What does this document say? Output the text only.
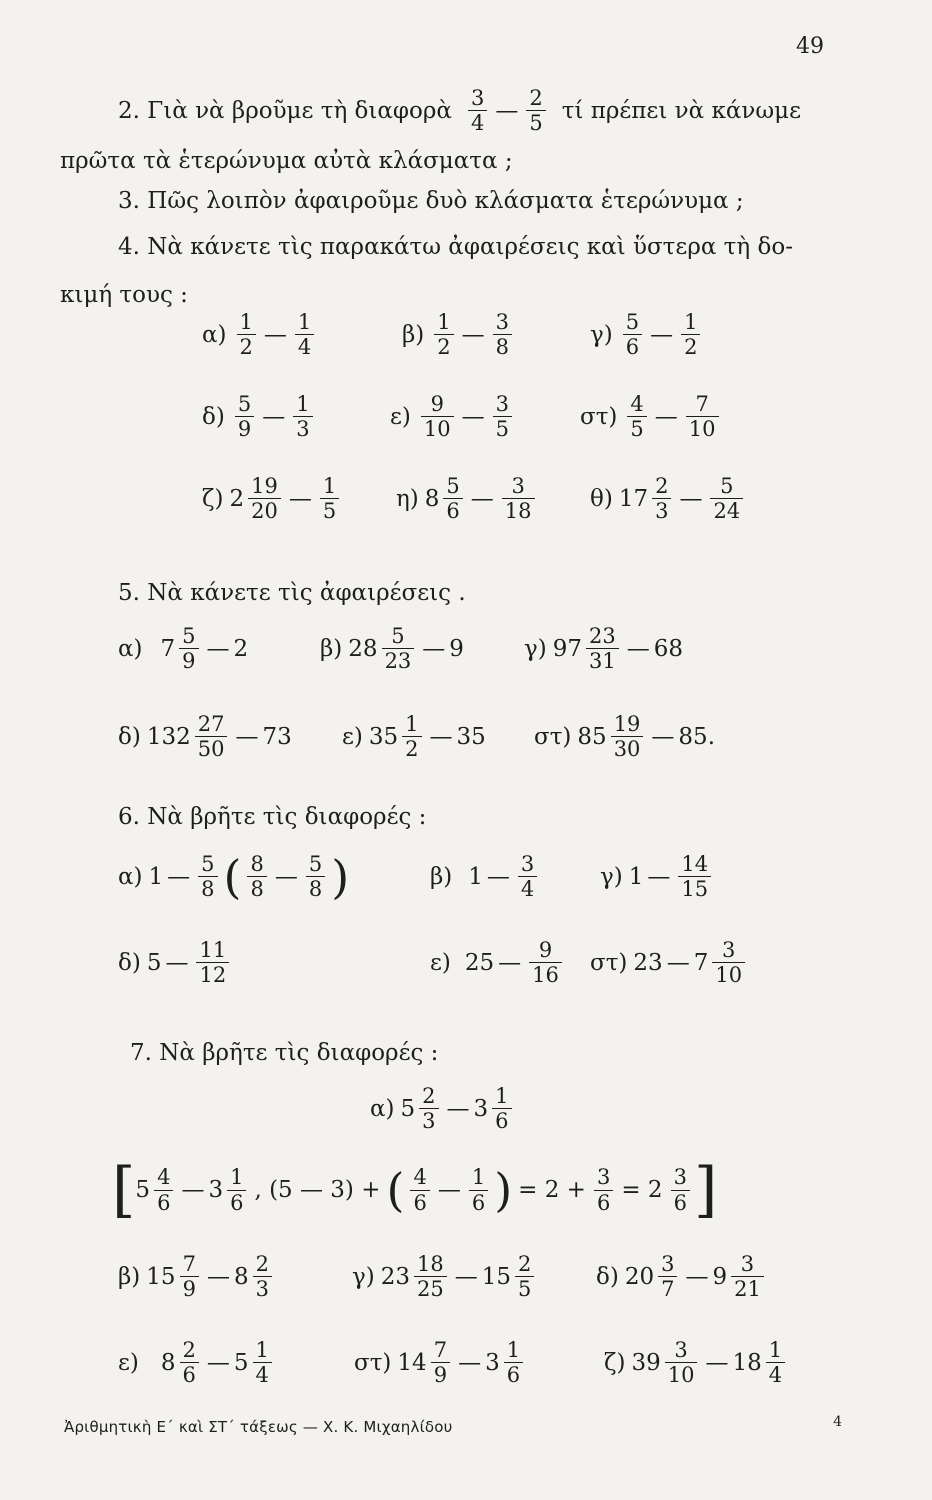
49
2. Γιὰ νὰ βροῦμε τὴ διαφορὰ $\frac{3}{4}$ — $\frac{2}{5}$ τί πρέπει νὰ κάνωμε
πρῶτα τὰ ἑτερώνυμα αὐτὰ κλάσματα ;
3. Πῶς λοιπὸν ἀφαιροῦμε δυὸ κλάσματα ἑτερώνυμα ;
4. Νὰ κάνετε τὶς παρακάτω ἀφαιρέσεις καὶ ὕστερα τὴ δο-
κιμή τους :
$\alpha) \frac{1}{2}$ — $\frac{1}{4}$	$\beta) \frac{1}{2}$ — $\frac{3}{8}$	$\gamma) \frac{5}{6}$ — $\frac{1}{2}$
$\delta) \frac{5}{9}$ — $\frac{1}{3}$	$\varepsilon) \frac{9}{10}$ — $\frac{3}{5}$	$\sigma\tau) \frac{4}{5}$ — $\frac{7}{10}$
ζ) $2 \frac{19}{20}$ — $\frac{1}{5} \eta$) $8 \frac{5}{6}$ — $\frac{3}{18} \theta$) $17 \frac{2}{3}$ — $\frac{5}{24}$
5. Νὰ κάνετε τὶς ἀφαιρέσεις .
α) $7 \frac{5}{9}$ — 2	β) $28 \frac{5}{23}$ — 9	γ) $97 \frac{23}{31}$ — 68
δ) $132 \frac{27}{50}$ — 73 ε) $35 \frac{1}{2}$ — 35 στ) $85 \frac{19}{30}$ — 85.
6. Νὰ βρῆτε τὶς διαφορές :
α) 1 — $\frac{5}{8}$ ( $\frac{8}{8}$ — $\frac{5}{8}$ )	β) 1 — $\frac{3}{4}$	γ) 1 — $\frac{14}{15}$
δ) 5 — $\frac{11}{12}$	ε) 25 — $\frac{9}{16} \sigma\tau$) 23 — $7 \frac{3}{10}$
7. Νὰ βρῆτε τὶς διαφορές :
α) $5 \frac{2}{3}$ — $3 \frac{1}{6}$
[ $5 \frac{4}{6}$ — $3 \frac{1}{6}$ , (5 — 3) + ( $\frac{4}{6}$ — $\frac{1}{6}$ ) = $2 + \frac{3}{6} = 2 \frac{3}{6}$ ]
β) $15 \frac{7}{9}$ — $8 \frac{2}{3}$	γ) $23 \frac{18}{25}$ — $15 \frac{2}{5}$	δ) $20 \frac{3}{7}$ — $9 \frac{3}{21}$
ε) $8 \frac{2}{6}$ — $5 \frac{1}{4}$	στ) $14 \frac{7}{9}$ — $3 \frac{1}{6}$	ζ) $39 \frac{3}{10}$ — $18 \frac{1}{4}$
Ἀριθμητικὴ Ε΄ καὶ ΣΤ΄ τάξεως — Χ. Κ. Μιχαηλίδου	4
